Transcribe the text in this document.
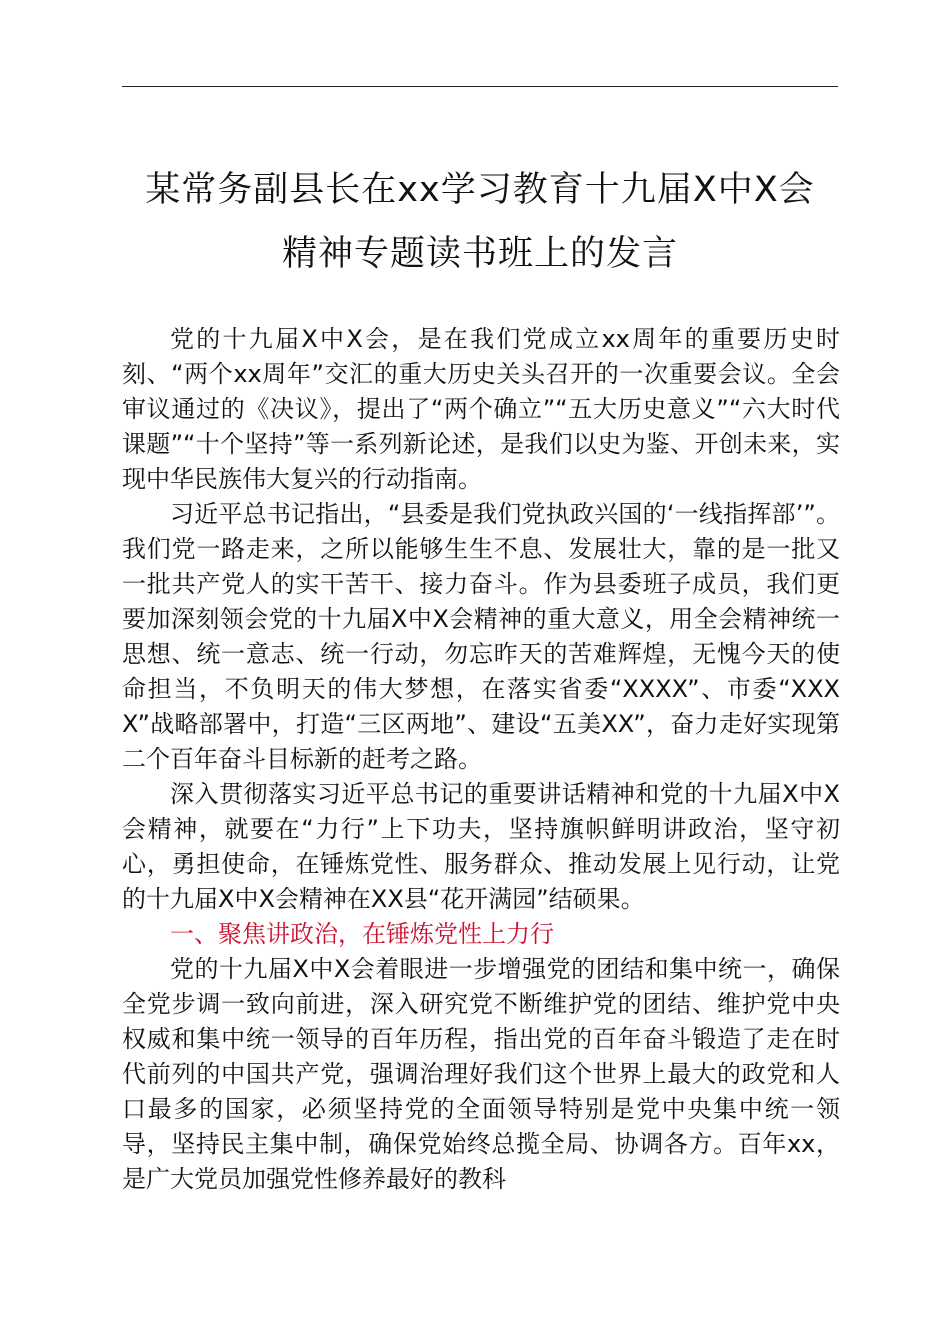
某常务副县长在xx学习教育十九届X中X会
精神专题读书班上的发言

党的十九届X中X会，是在我们党成立xx周年的重要历史时刻、“两个xx周年”交汇的重大历史关头召开的一次重要会议。全会审议通过的《决议》，提出了“两个确立”“五大历史意义”“六大时代课题”“十个坚持”等一系列新论述，是我们以史为鉴、开创未来，实现中华民族伟大复兴的行动指南。

习近平总书记指出，“县委是我们党执政兴国的‘一线指挥部’”。我们党一路走来，之所以能够生生不息、发展壮大，靠的是一批又一批共产党人的实干苦干、接力奋斗。作为县委班子成员，我们更要加深刻领会党的十九届X中X会精神的重大意义，用全会精神统一思想、统一意志、统一行动，勿忘昨天的苦难辉煌，无愧今天的使命担当，不负明天的伟大梦想，在落实省委“XXXX”、市委“XXXX”战略部署中，打造“三区两地”、建设“五美XX”，奋力走好实现第二个百年奋斗目标新的赶考之路。

深入贯彻落实习近平总书记的重要讲话精神和党的十九届X中X会精神，就要在“力行”上下功夫，坚持旗帜鲜明讲政治，坚守初心，勇担使命，在锤炼党性、服务群众、推动发展上见行动，让党的十九届X中X会精神在XX县“花开满园”结硕果。

一、聚焦讲政治，在锤炼党性上力行

党的十九届X中X会着眼进一步增强党的团结和集中统一，确保全党步调一致向前进，深入研究党不断维护党的团结、维护党中央权威和集中统一领导的百年历程，指出党的百年奋斗锻造了走在时代前列的中国共产党，强调治理好我们这个世界上最大的政党和人口最多的国家，必须坚持党的全面领导特别是党中央集中统一领导，坚持民主集中制，确保党始终总揽全局、协调各方。百年xx，是广大党员加强党性修养最好的教科
